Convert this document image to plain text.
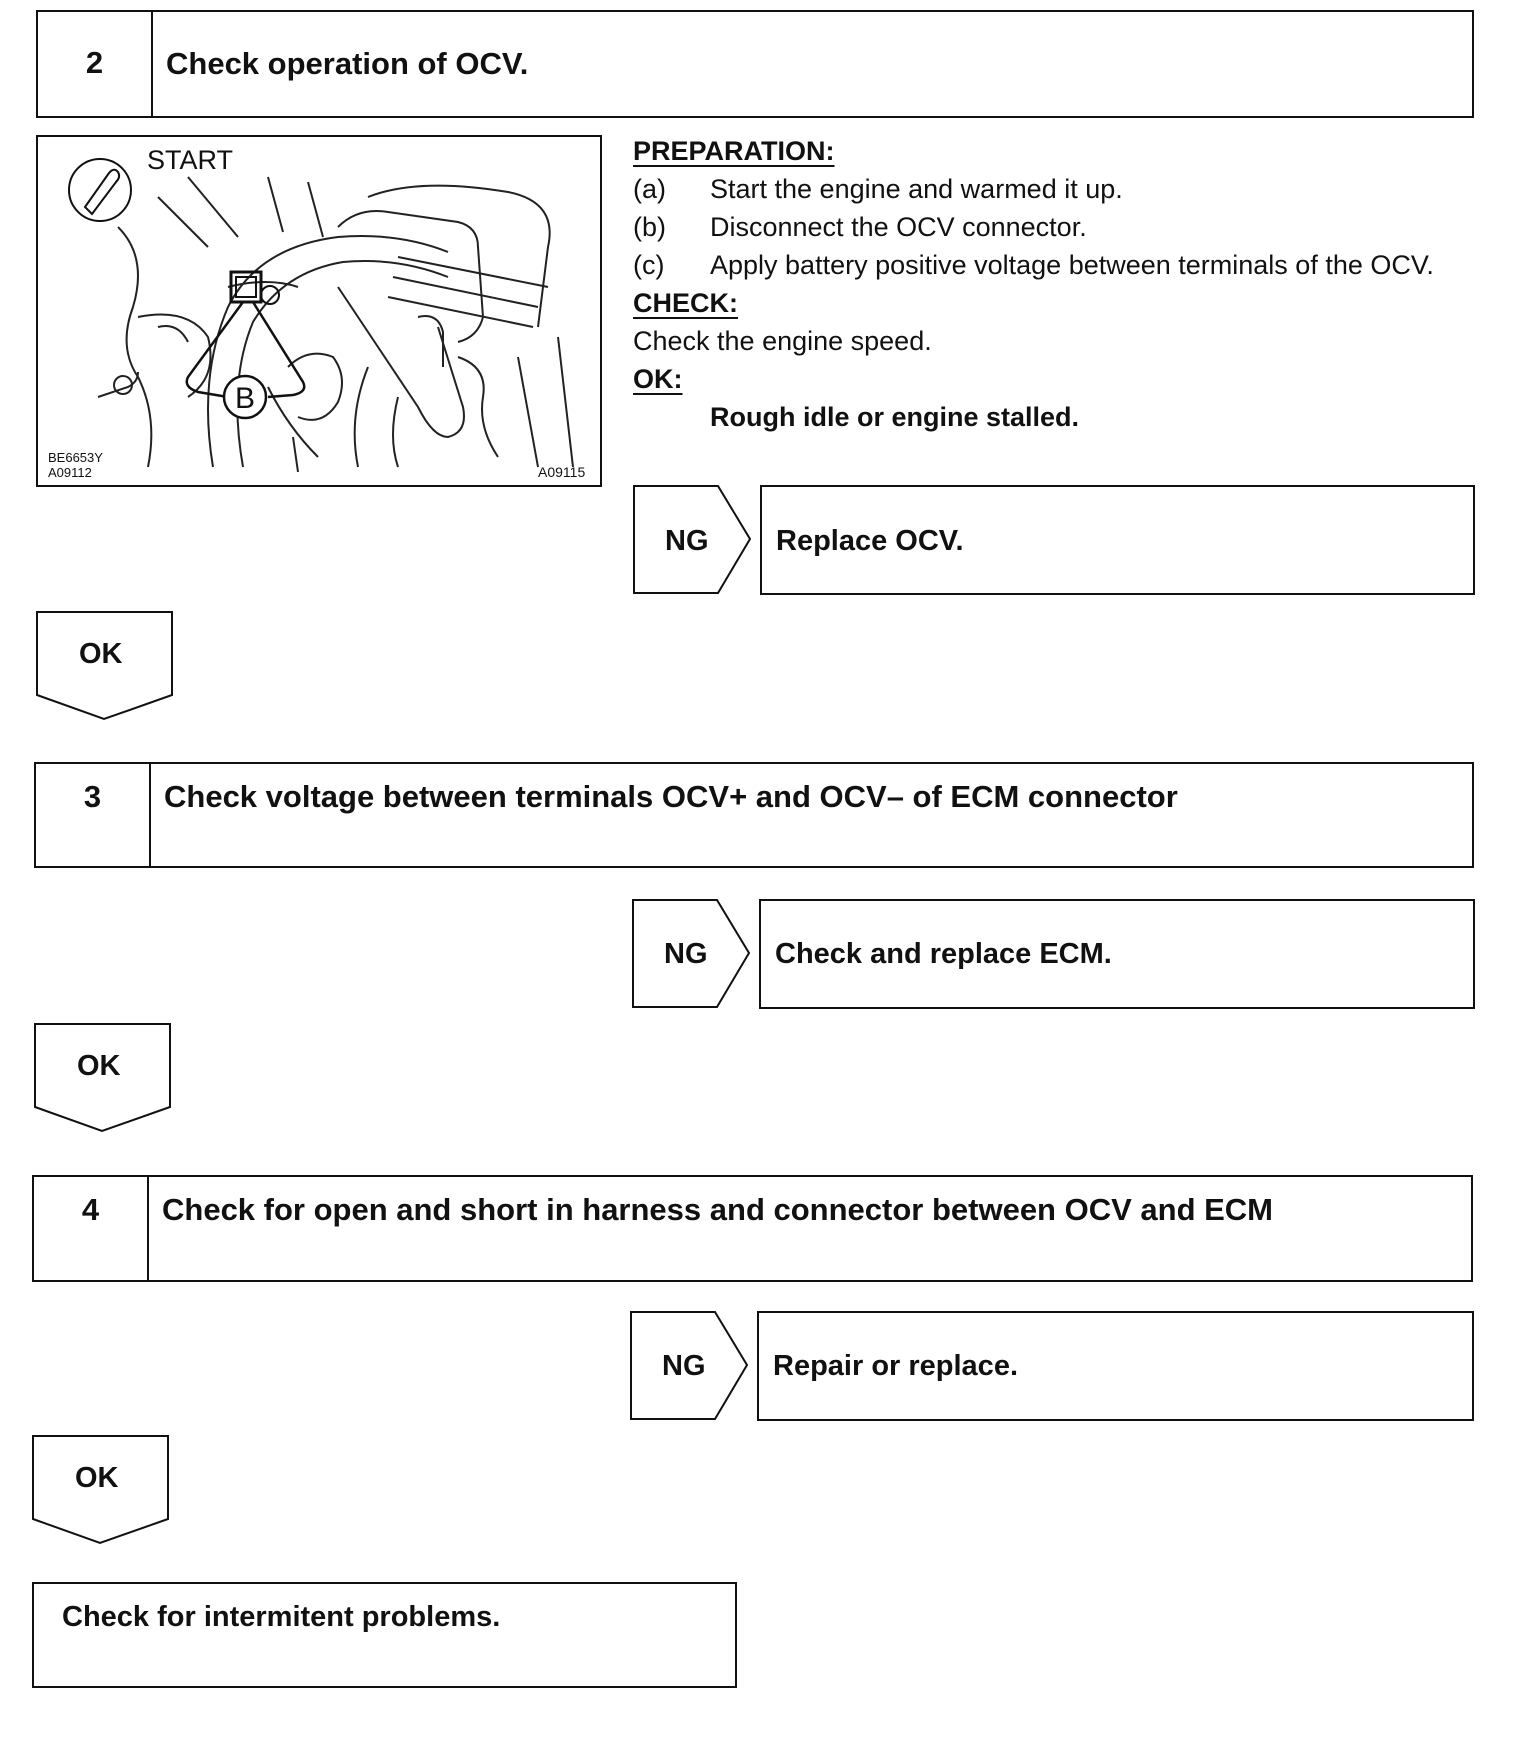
2 Check operation of OCV.
START
B
BE6653Y
A09112	A09115
PREPARATION:
(a)	Start the engine and warmed it up.
(b)	Disconnect the OCV connector.
(c)	Apply battery positive voltage between terminals of the OCV.
CHECK:
Check the engine speed.
OK:
Rough idle or engine stalled.
NG	Replace OCV.
OK
3 Check voltage between terminals OCV+ and OCV– of ECM connector
NG	Check and replace ECM.
OK
4 Check for open and short in harness and connector between OCV and ECM
NG	Repair or replace.
OK
Check for intermitent problems.
